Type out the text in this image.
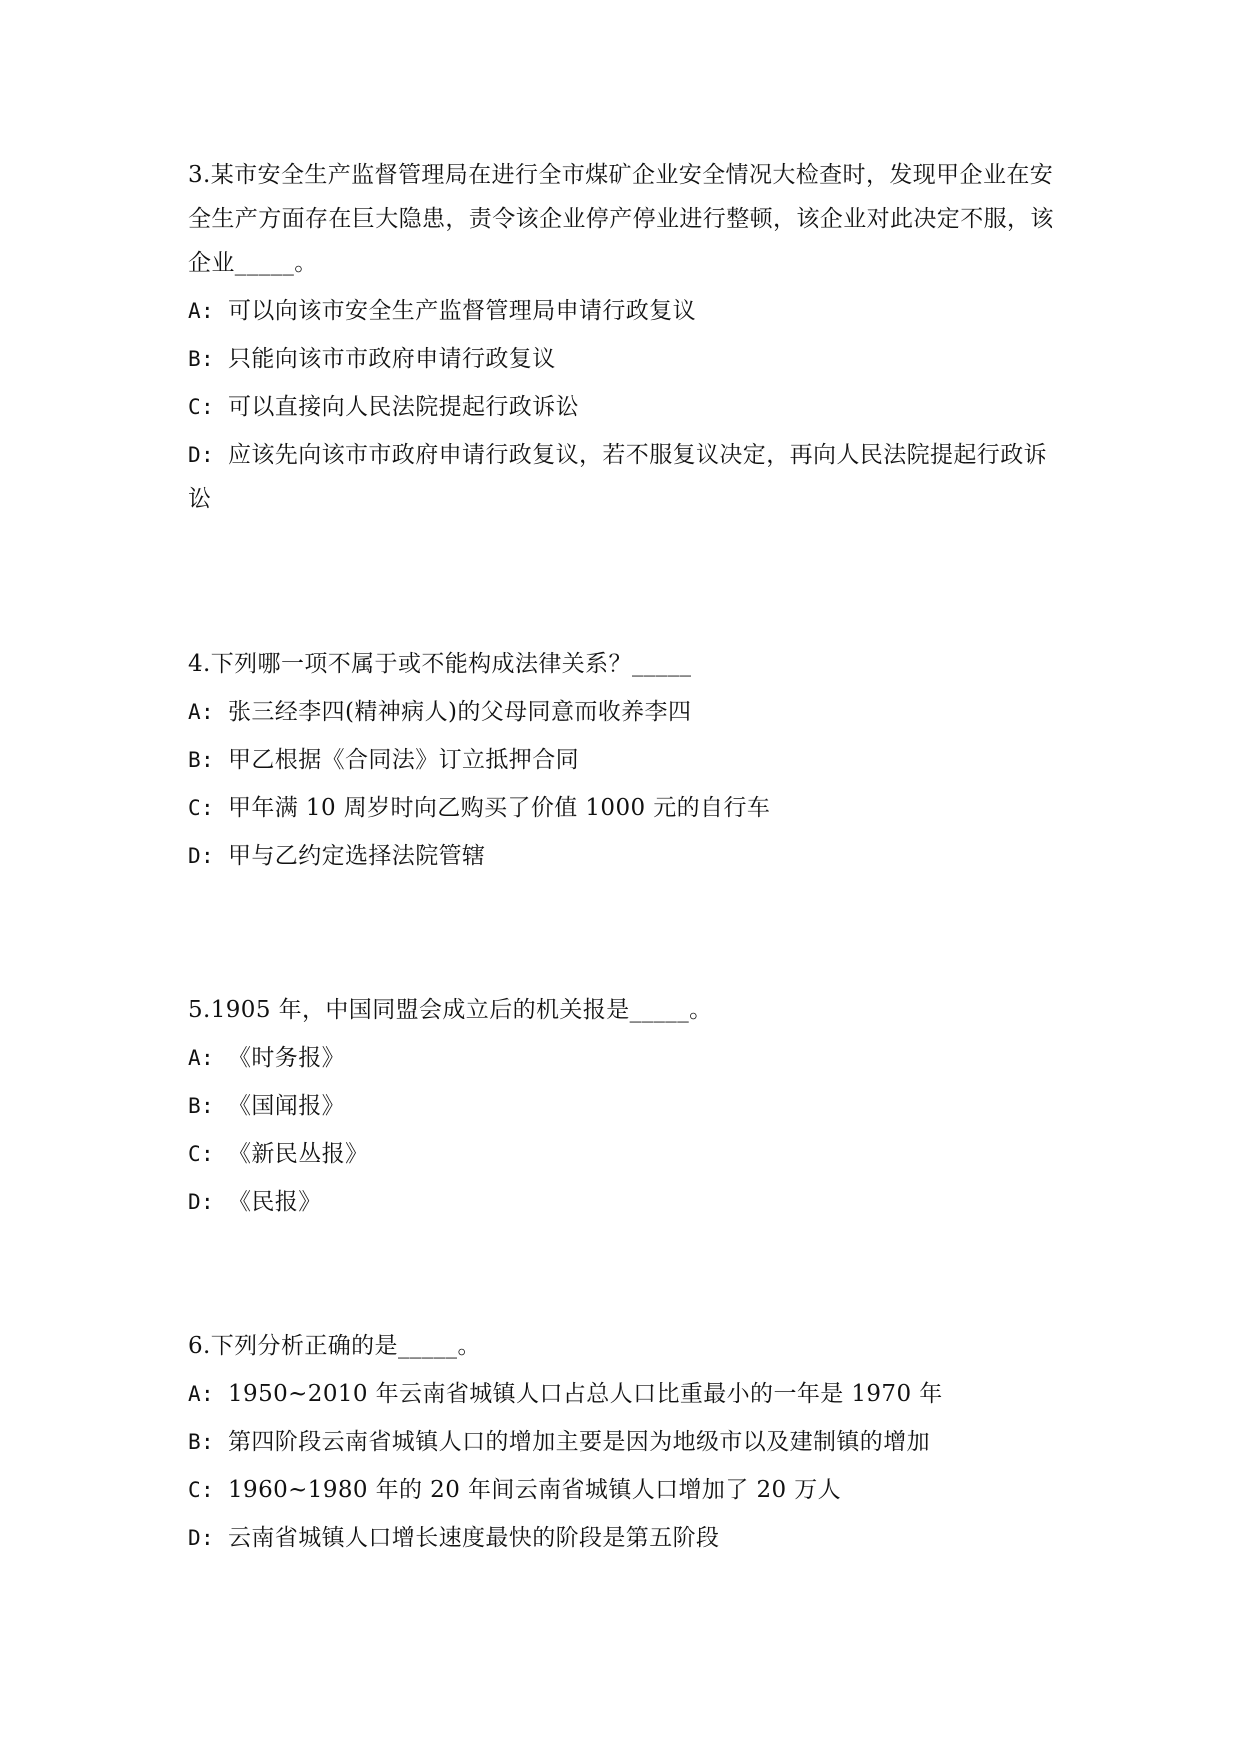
3.某市安全生产监督管理局在进行全市煤矿企业安全情况大检查时，发现甲企业在安全生产方面存在巨大隐患，责令该企业停产停业进行整顿，该企业对此决定不服，该企业_____。

A: 可以向该市安全生产监督管理局申请行政复议

B: 只能向该市市政府申请行政复议

C: 可以直接向人民法院提起行政诉讼

D: 应该先向该市市政府申请行政复议，若不服复议决定，再向人民法院提起行政诉讼

4.下列哪一项不属于或不能构成法律关系？_____

A: 张三经李四(精神病人)的父母同意而收养李四

B: 甲乙根据《合同法》订立抵押合同

C: 甲年满 10 周岁时向乙购买了价值 1000 元的自行车

D: 甲与乙约定选择法院管辖

5.1905 年，中国同盟会成立后的机关报是_____。

A: 《时务报》

B: 《国闻报》

C: 《新民丛报》

D: 《民报》

6.下列分析正确的是_____。

A: 1950~2010 年云南省城镇人口占总人口比重最小的一年是 1970 年

B: 第四阶段云南省城镇人口的增加主要是因为地级市以及建制镇的增加

C: 1960~1980 年的 20 年间云南省城镇人口增加了 20 万人

D: 云南省城镇人口增长速度最快的阶段是第五阶段
